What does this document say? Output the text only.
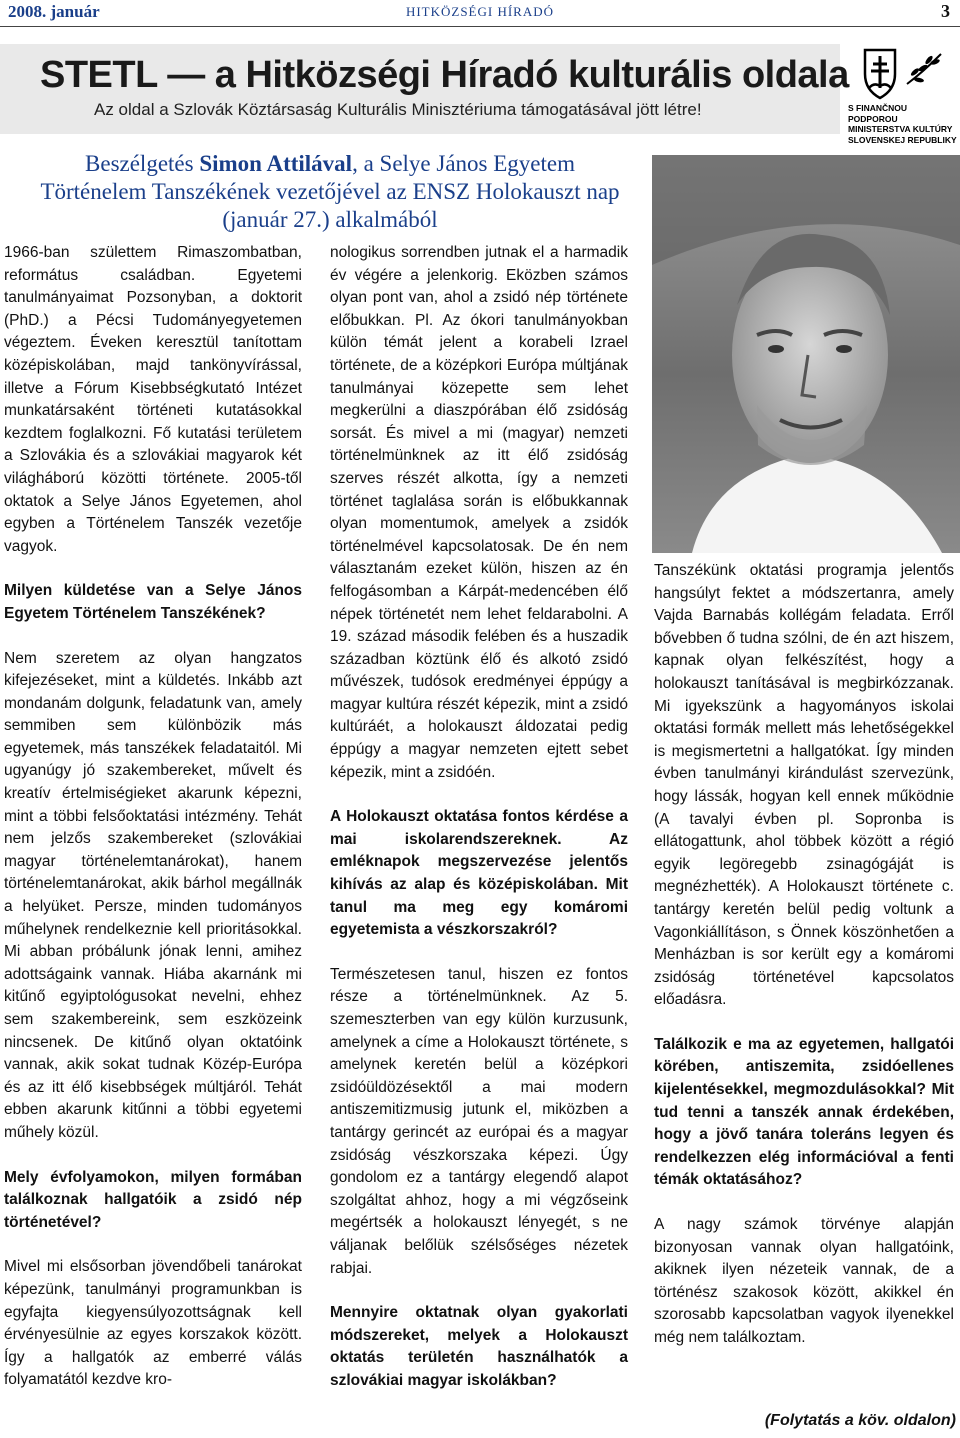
2008. január	HITKÖZSÉGI HÍRADÓ	3
STETL — a Hitközségi Híradó kulturális oldala
Az oldal a Szlovák Köztársaság Kulturális Minisztériuma támogatásával jött létre!	S FINANČNOU PODPOROU MINISTERSTVA KULTÚRY SLOVENSKEJ REPUBLIKY
Beszélgetés Simon Attilával, a Selye János Egyetem Történelem Tanszékének vezetőjével az ENSZ Holokauszt nap (január 27.) alkalmából

1966-ban születtem Rimaszombatban, református családban. Egyetemi tanulmányaimat Pozsonyban, a doktorit (PhD.) a Pécsi Tudományegyetemen végeztem. Éveken keresztül tanítottam középiskolában, majd tankönyvírással, illetve a Fórum Kisebbségkutató Intézet munkatársaként történeti kutatásokkal kezdtem foglalkozni. Fő kutatási területem a Szlovákia és a szlovákiai magyarok két világháború közötti története. 2005-től oktatok a Selye János Egyetemen, ahol egyben a Történelem Tanszék vezetője vagyok.

Milyen küldetése van a Selye János Egyetem Történelem Tanszékének?

Nem szeretem az olyan hangzatos kifejezéseket, mint a küldetés. Inkább azt mondanám dolgunk, feladatunk van, amely semmiben sem különbözik más egyetemek, más tanszékek feladataitól. Mi ugyanúgy jó szakembereket, művelt és kreatív értelmiségieket akarunk képezni, mint a többi felsőoktatási intézmény. Tehát nem jelzős szakembereket (szlovákiai magyar történelemtanárokat), hanem történelemtanárokat, akik bárhol megállnák a helyüket. Persze, minden tudományos műhelynek rendelkeznie kell prioritásokkal. Mi abban próbálunk jónak lenni, amihez adottságaink vannak. Hiába akarnánk mi kitűnő egyiptológusokat nevelni, ehhez sem szakembereink, sem eszközeink nincsenek. De kitűnő olyan oktatóink vannak, akik sokat tudnak Közép-Európa és az itt élő kisebbségek múltjáról. Tehát ebben akarunk kitűnni a többi egyetemi műhely közül.

Mely évfolyamokon, milyen formában találkoznak hallgatóik a zsidó nép történetével?

Mivel mi elsősorban jövendőbeli tanárokat képezünk, tanulmányi programunkban is egyfajta kiegyensúlyozottságnak kell érvényesülnie az egyes korszakok között. Így a hallgatók az emberré válás folyamatától kezdve kro-

nologikus sorrendben jutnak el a harmadik év végére a jelenkorig. Eközben számos olyan pont van, ahol a zsidó nép története előbukkan. Pl. Az ókori tanulmányokban külön témát jelent a korabeli Izrael története, de a középkori Európa múltjának tanulmányai közepette sem lehet megkerülni a diaszpórában élő zsidóság sorsát. És mivel a mi (magyar) nemzeti történelmünknek az itt élő zsidóság szerves részét alkotta, így a nemzeti történet taglalása során is előbukkannak olyan momentumok, amelyek a zsidók történelmével kapcsolatosak. De én nem választanám ezeket külön, hiszen az én felfogásomban a Kárpát-medencében élő népek történetét nem lehet feldarabolni. A 19. század második felében és a huszadik században köztünk élő és alkotó zsidó művészek, tudósok eredményei éppúgy a magyar kultúra részét képezik, mint a zsidó kultúráét, a holokauszt áldozatai pedig éppúgy a magyar nemzeten ejtett sebet képezik, mint a zsidóén.

A Holokauszt oktatása fontos kérdése a mai iskolarendszereknek. Az emléknapok megszervezése jelentős kihívás az alap és középiskolában. Mit tanul ma meg egy komáromi egyetemista a vészkorszakról?

Természetesen tanul, hiszen ez fontos része a történelmünknek. Az 5. szemeszterben van egy külön kurzusunk, amelynek a címe a Holokauszt története, s amelynek keretén belül a középkori zsidóüldözésektől a mai modern antiszemitizmusig jutunk el, miközben a tantárgy gerincét az európai és a magyar zsidóság vészkorszaka képezi. Úgy gondolom ez a tantárgy elegendő alapot szolgáltat ahhoz, hogy a mi végzőseink megértsék a holokauszt lényegét, s ne váljanak belőlük szélsőséges nézetek rabjai.

Mennyire oktatnak olyan gyakorlati módszereket, melyek a Holokauszt oktatás területén használhatók a szlovákiai magyar iskolákban?

Tanszékünk oktatási programja jelentős hangsúlyt fektet a módszertanra, amely Vajda Barnabás kollégám feladata. Erről bővebben ő tudna szólni, de én azt hiszem, kapnak olyan felkészítést, hogy a holokauszt tanításával is megbirkózzanak. Mi igyekszünk a hagyományos iskolai oktatási formák mellett más lehetőségekkel is megismertetni a hallgatókat. Így minden évben tanulmányi kirándulást szervezünk, hogy lássák, hogyan kell ennek működnie (A tavalyi évben pl. Sopronba is ellátogattunk, ahol többek között a régió egyik legöregebb zsinagógáját is megnézhették). A Holokauszt története c. tantárgy keretén belül pedig voltunk a Vagonkiállításon, s Önnek köszönhetően a Menházban is sor került egy a komáromi zsidóság történetével kapcsolatos előadásra.

Találkozik e ma az egyetemen, hallgatói körében, antiszemita, zsidóellenes kijelentésekkel, megmozdulásokkal? Mit tud tenni a tanszék annak érdekében, hogy a jövő tanára toleráns legyen és rendelkezzen elég információval a fenti témák oktatásához?

A nagy számok törvénye alapján bizonyosan vannak olyan hallgatóink, akiknek ilyen nézeteik vannak, de a történész szakosok között, akikkel én szorosabb kapcsolatban vagyok ilyenekkel még nem találkoztam.

(Folytatás a köv. oldalon)
